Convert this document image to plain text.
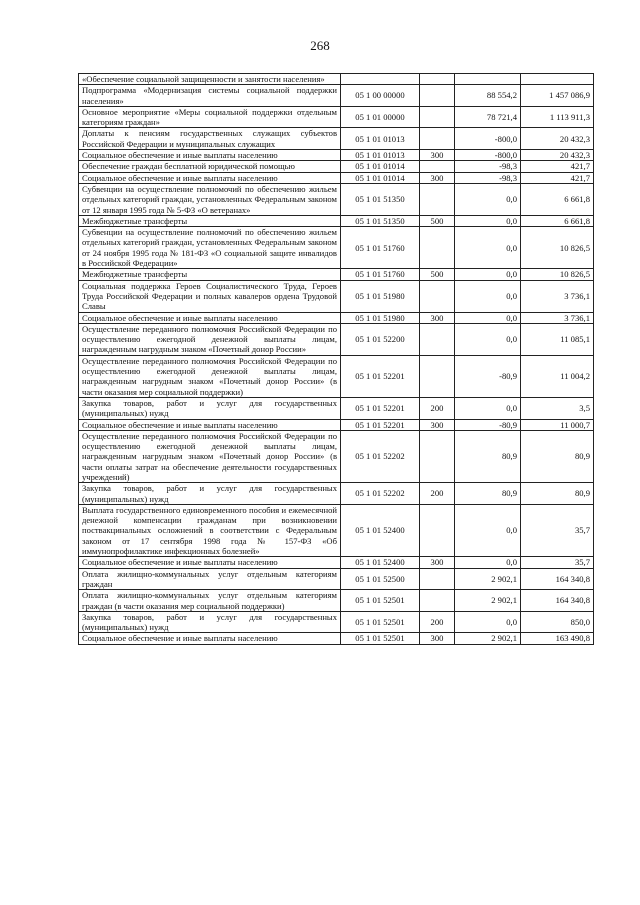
268
«Обеспечение социальной защищенности и занятости населения»				
Подпрограмма «Модернизация системы социальной поддержки населения»	05 1 00 00000		88 554,2	1 457 086,9
Основное мероприятие «Меры социальной поддержки отдельным категориям граждан»	05 1 01 00000		78 721,4	1 113 911,3
Доплаты к пенсиям государственных служащих субъектов Российской Федерации и муниципальных служащих	05 1 01 01013		-800,0	20 432,3
Социальное обеспечение и иные выплаты населению	05 1 01 01013	300	-800,0	20 432,3
Обеспечение граждан бесплатной юридической помощью	05 1 01 01014		-98,3	421,7
Социальное обеспечение и иные выплаты населению	05 1 01 01014	300	-98,3	421,7
Субвенции на осуществление полномочий по обеспечению жильем отдельных категорий граждан, установленных Федеральным законом от 12 января 1995 года № 5-ФЗ «О ветеранах»	05 1 01 51350		0,0	6 661,8
Межбюджетные трансферты	05 1 01 51350	500	0,0	6 661,8
Субвенции на осуществление полномочий по обеспечению жильем отдельных категорий граждан, установленных Федеральным законом от 24 ноября 1995 года № 181-ФЗ «О социальной защите инвалидов в Российской Федерации»	05 1 01 51760		0,0	10 826,5
Межбюджетные трансферты	05 1 01 51760	500	0,0	10 826,5
Социальная поддержка Героев Социалистического Труда, Героев Труда Российской Федерации и полных кавалеров ордена Трудовой Славы	05 1 01 51980		0,0	3 736,1
Социальное обеспечение и иные выплаты населению	05 1 01 51980	300	0,0	3 736,1
Осуществление переданного полномочия Российской Федерации по осуществлению ежегодной денежной выплаты лицам, награжденным нагрудным знаком «Почетный донор России»	05 1 01 52200		0,0	11 085,1
Осуществление переданного полномочия Российской Федерации по осуществлению ежегодной денежной выплаты лицам, награжденным нагрудным знаком «Почетный донор России» (в части оказания мер социальной поддержки)	05 1 01 52201		-80,9	11 004,2
Закупка товаров, работ и услуг для государственных (муниципальных) нужд	05 1 01 52201	200	0,0	3,5
Социальное обеспечение и иные выплаты населению	05 1 01 52201	300	-80,9	11 000,7
Осуществление переданного полномочия Российской Федерации по осуществлению ежегодной денежной выплаты лицам, награжденным нагрудным знаком «Почетный донор России» (в части оплаты затрат на обеспечение деятельности государственных учреждений)	05 1 01 52202		80,9	80,9
Закупка товаров, работ и услуг для государственных (муниципальных) нужд	05 1 01 52202	200	80,9	80,9
Выплата государственного единовременного пособия и ежемесячной денежной компенсации гражданам при возникновении поствакцинальных осложнений в соответствии с Федеральным законом от 17 сентября 1998 года № 157-ФЗ «Об иммунопрофилактике инфекционных болезней»	05 1 01 52400		0,0	35,7
Социальное обеспечение и иные выплаты населению	05 1 01 52400	300	0,0	35,7
Оплата жилищно-коммунальных услуг отдельным категориям граждан	05 1 01 52500		2 902,1	164 340,8
Оплата жилищно-коммунальных услуг отдельным категориям граждан (в части оказания мер социальной поддержки)	05 1 01 52501		2 902,1	164 340,8
Закупка товаров, работ и услуг для государственных (муниципальных) нужд	05 1 01 52501	200	0,0	850,0
Социальное обеспечение и иные выплаты населению	05 1 01 52501	300	2 902,1	163 490,8
